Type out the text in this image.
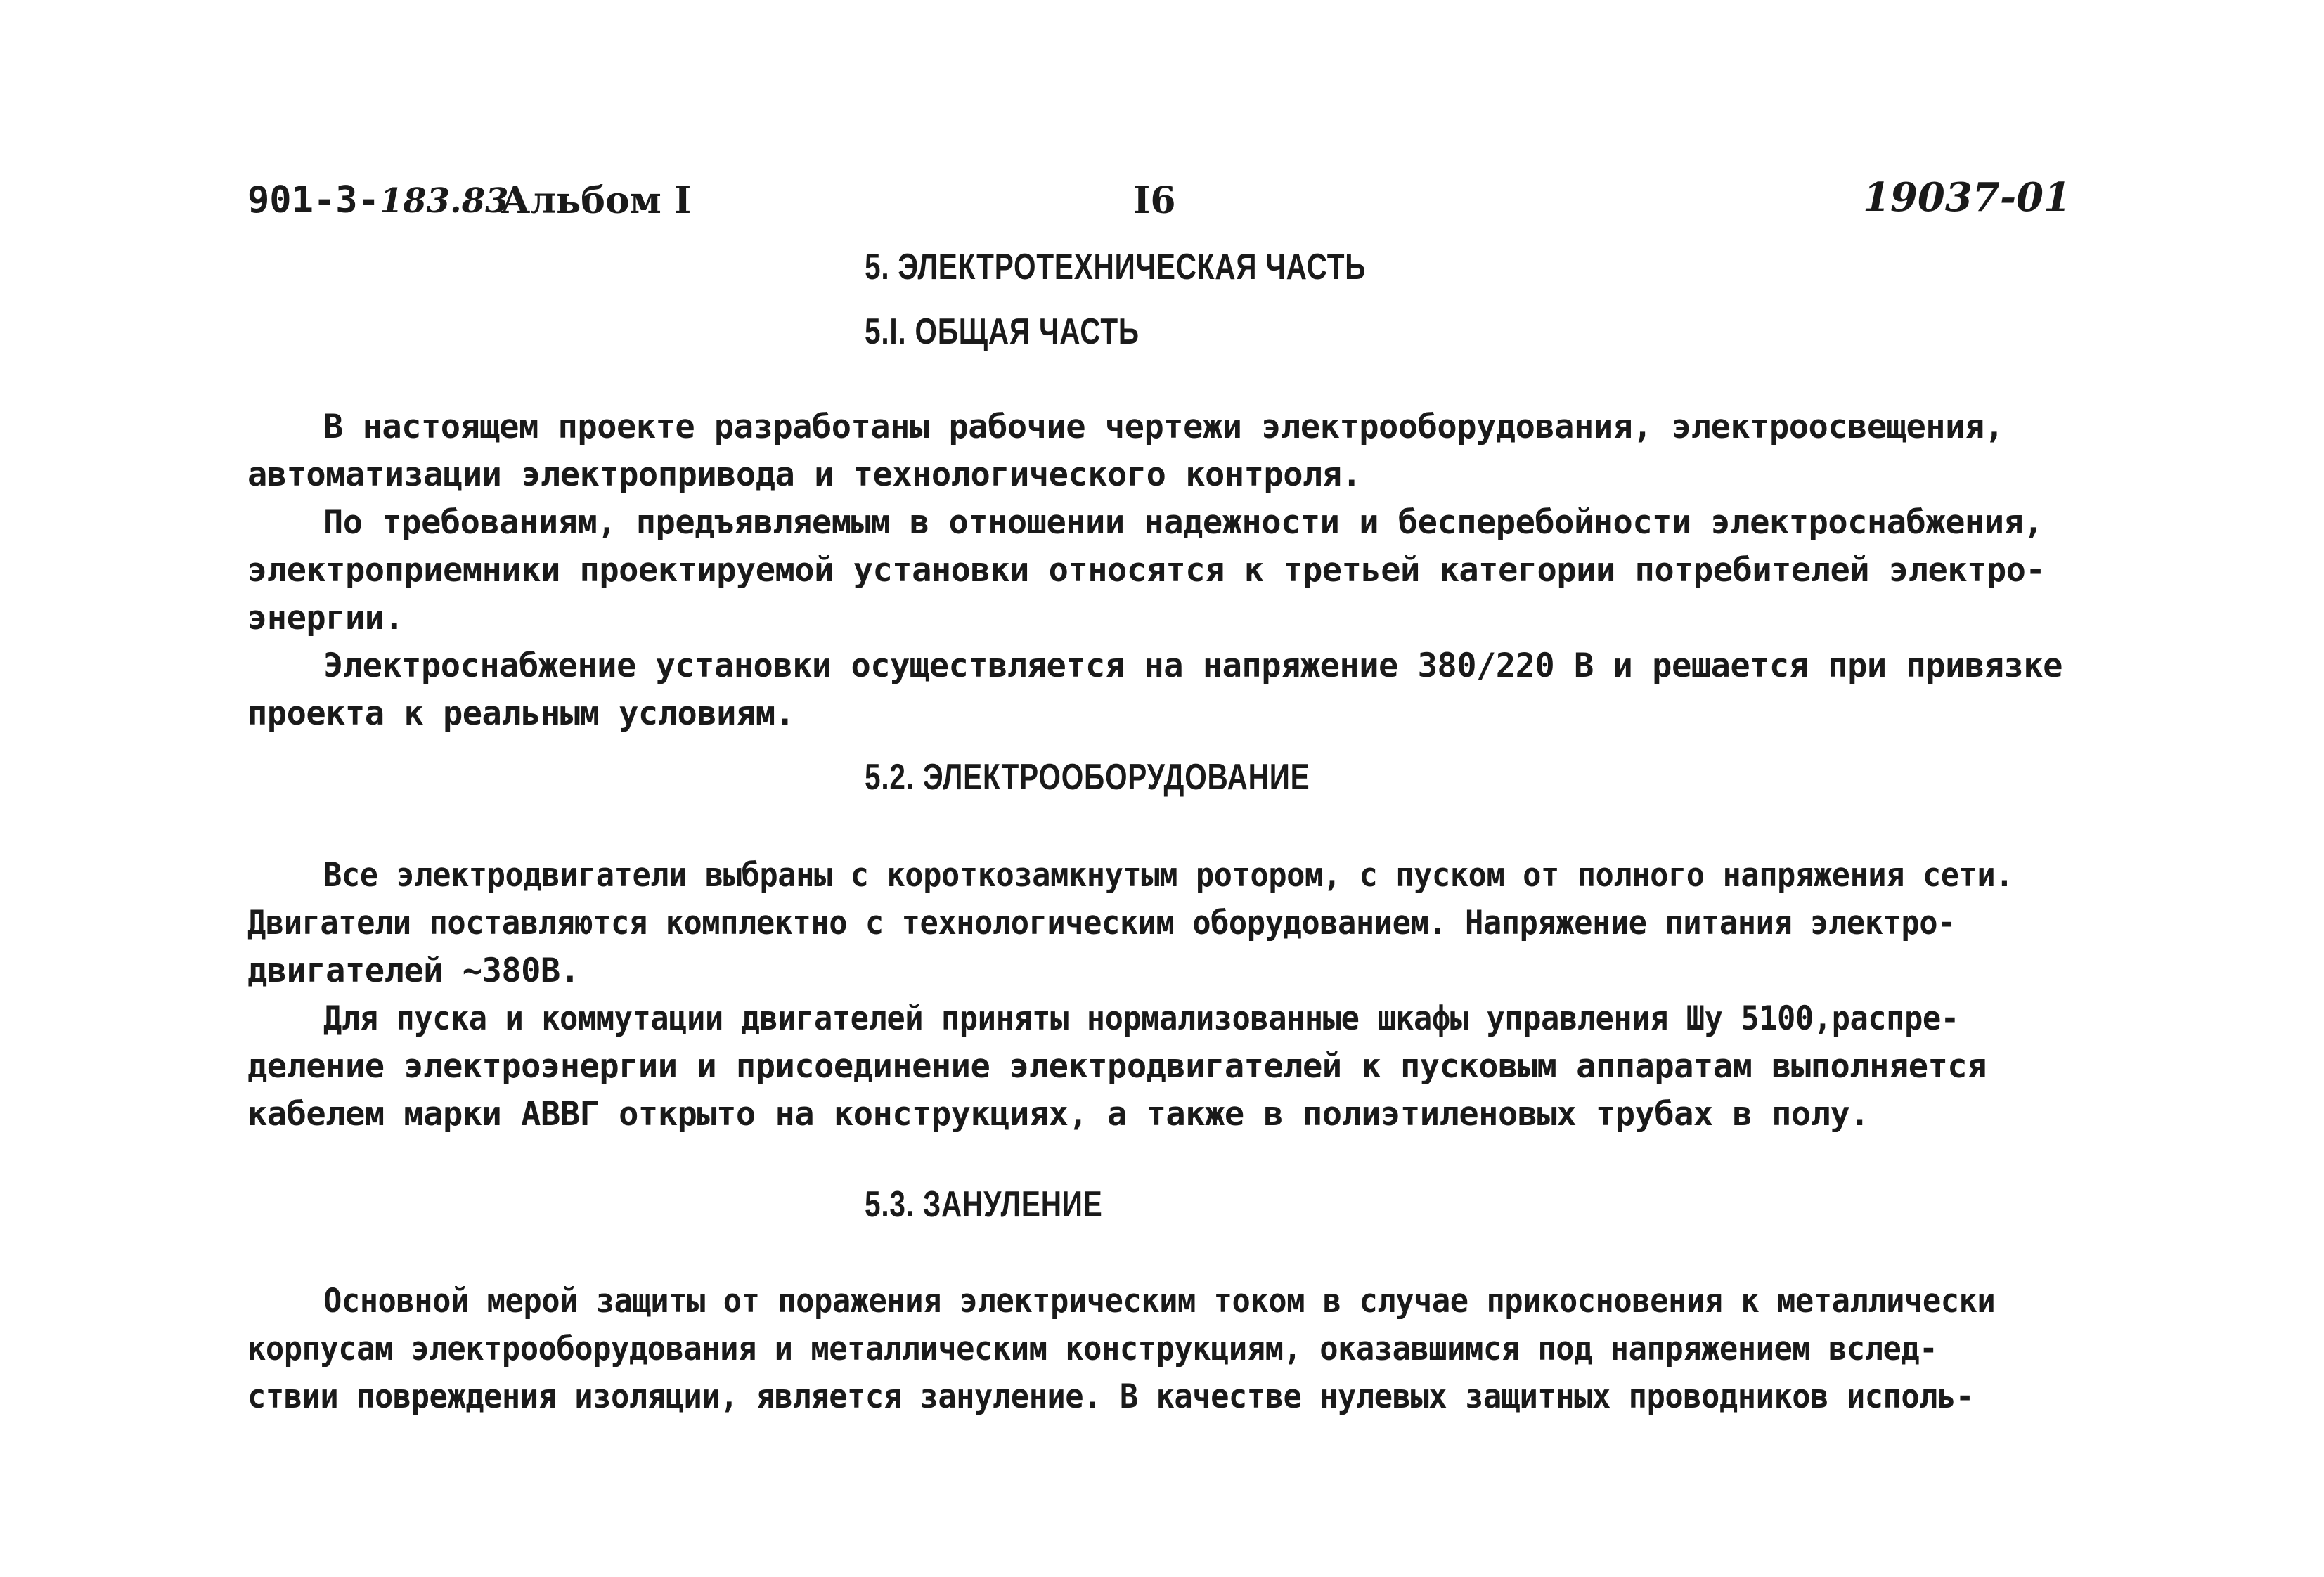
901-3-183.83
Альбом I	I6	19037-01
5. ЭЛЕКТРОТЕХНИЧЕСКАЯ ЧАСТЬ
5.I. ОБЩАЯ ЧАСТЬ
В настоящем проекте разработаны рабочие чертежи электрооборудования, электроосвещения,
автоматизации электропривода и технологического контроля.
По требованиям, предъявляемым в отношении надежности и бесперебойности электроснабжения,
электроприемники проектируемой установки относятся к третьей категории потребителей электро-
энергии.
Электроснабжение установки осуществляется на напряжение 380/220 В и решается при привязке
проекта к реальным условиям.
5.2. ЭЛЕКТРООБОРУДОВАНИЕ
Все электродвигатели выбраны с короткозамкнутым ротором, с пуском от полного напряжения сети.
Двигатели поставляются комплектно с технологическим оборудованием. Напряжение питания электро-
двигателей ~380В.
Для пуска и коммутации двигателей приняты нормализованные шкафы управления Шу 5100,распре-
деление электроэнергии и присоединение электродвигателей к пусковым аппаратам выполняется
кабелем марки АВВГ открыто на конструкциях, а также в полиэтиленовых трубах в полу.
5.3. ЗАНУЛЕНИЕ
Основной мерой защиты от поражения электрическим током в случае прикосновения к металлически
корпусам электрооборудования и металлическим конструкциям, оказавшимся под напряжением вслед-
ствии повреждения изоляции, является зануление. В качестве нулевых защитных проводников исполь-
